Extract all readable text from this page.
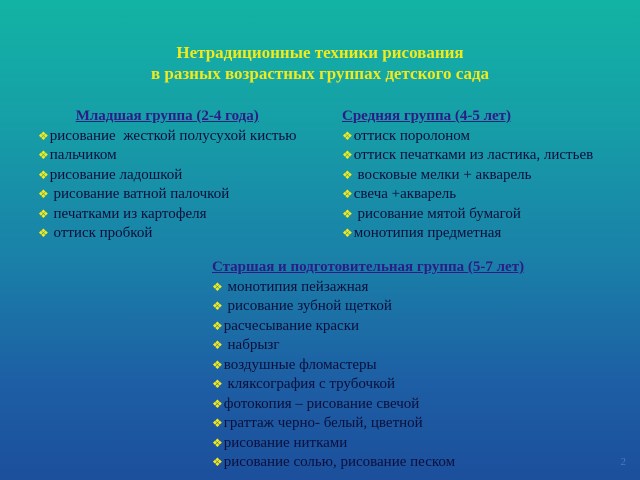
Нетрадиционные техники рисования
в разных возрастных группах детского сада
Младшая группа (2-4 года)
❖рисование  жесткой полусухой кистью
❖пальчиком
❖рисование ладошкой
❖ рисование ватной палочкой
❖ печатками из картофеля
❖ оттиск пробкой
Средняя группа (4-5 лет)
❖оттиск поролоном
❖оттиск печатками из ластика, листьев
❖ восковые мелки + акварель
❖свеча +акварель
❖ рисование мятой бумагой
❖монотипия предметная
Старшая и подготовительная группа (5-7 лет)
❖ монотипия пейзажная
❖ рисование зубной щеткой
❖расчесывание краски
❖ набрызг
❖воздушные фломастеры
❖ кляксография с трубочкой
❖фотокопия – рисование свечой
❖граттаж черно- белый, цветной
❖рисование нитками
❖рисование солью, рисование песком	2
